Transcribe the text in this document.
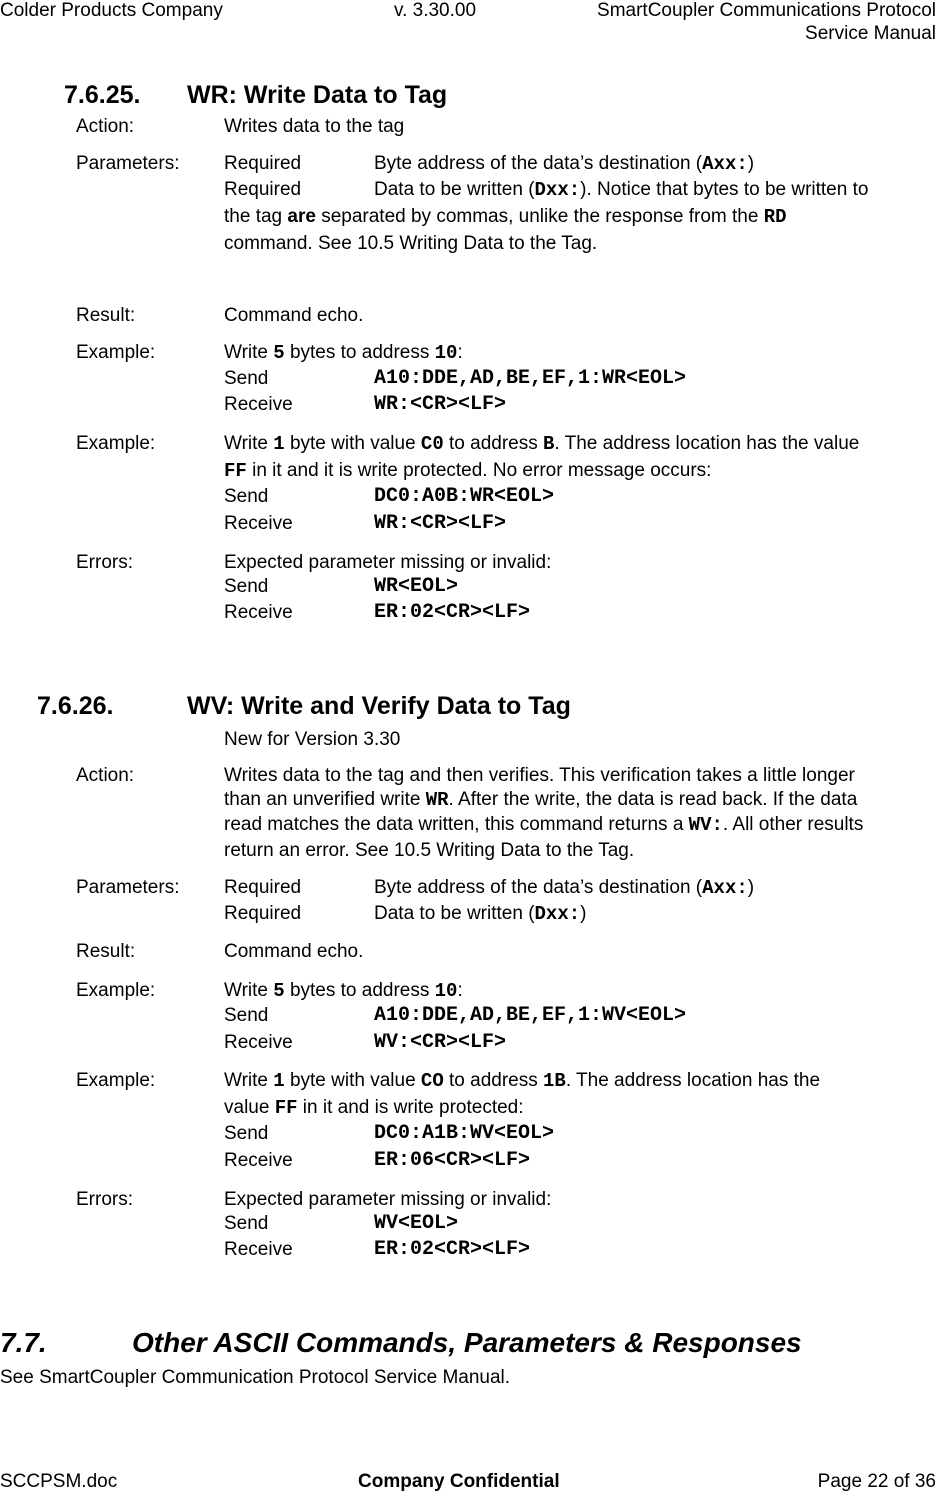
Colder Products Company	v. 3.30.00	SmartCoupler Communications Protocol
Service Manual
7.6.25. WR: Write Data to Tag
Action:	Writes data to the tag
Parameters: Required	Byte address of the data’s destination (Axx:)
Required	Data to be written (Dxx:). Notice that bytes to be written to
the tag are separated by commas, unlike the response from the RD
command. See 10.5 Writing Data to the Tag.
Result:	Command echo.
Example:	Write 5 bytes to address 10:
Send	A10:DDE,AD,BE,EF,1:WR<EOL>
Receive	WR:<CR><LF>
Example:	Write 1 byte with value C0 to address B. The address location has the value
FF in it and it is write protected. No error message occurs:
Send	DC0:A0B:WR<EOL>
Receive	WR:<CR><LF>
Errors:	Expected parameter missing or invalid:
Send	WR<EOL>
Receive	ER:02<CR><LF>
7.6.26.	WV: Write and Verify Data to Tag
New for Version 3.30
Action:	Writes data to the tag and then verifies. This verification takes a little longer
than an unverified write WR. After the write, the data is read back. If the data
read matches the data written, this command returns a WV:. All other results
return an error. See 10.5 Writing Data to the Tag.
Parameters: Required	Byte address of the data’s destination (Axx:)
Required	Data to be written (Dxx:)
Result:	Command echo.
Example:	Write 5 bytes to address 10:
Send	A10:DDE,AD,BE,EF,1:WV<EOL>
Receive	WV:<CR><LF>
Example:	Write 1 byte with value CO to address 1B. The address location has the
value FF in it and is write protected:
Send	DC0:A1B:WV<EOL>
Receive	ER:06<CR><LF>
Errors:	Expected parameter missing or invalid:
Send	WV<EOL>
Receive	ER:02<CR><LF>
7.7.	Other ASCII Commands, Parameters & Responses
See SmartCoupler Communication Protocol Service Manual.
SCCPSM.doc	Company Confidential	Page 22 of 36
